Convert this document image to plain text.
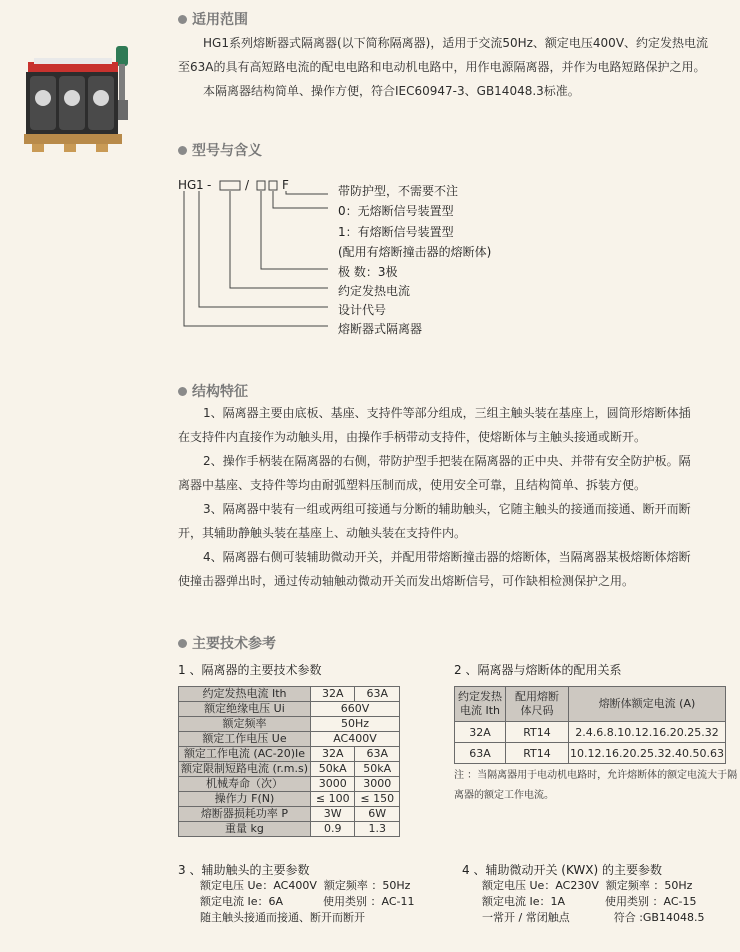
适用范围
HG1系列熔断器式隔离器(以下简称隔离器)，适用于交流50Hz、额定电压400V、约定发热电流
至63A的具有高短路电流的配电电路和电动机电路中，用作电源隔离器，并作为电路短路保护之用。
本隔离器结构简单、操作方便，符合IEC60947-3、GB14048.3标准。
型号与含义
HG 1 -	/	F	带防护型，不需要不注
0：无熔断信号装置型
1：有熔断信号装置型
(配用有熔断撞击器的熔断体)
极 数：3极
约定发热电流
设计代号
熔断器式隔离器
结构特征
1、隔离器主要由底板、基座、支持件等部分组成，三组主触头装在基座上，圆筒形熔断体插
在支持件内直接作为动触头用，由操作手柄带动支持件，使熔断体与主触头接通或断开。
2、操作手柄装在隔离器的右侧，带防护型手把装在隔离器的正中央、并带有安全防护板。隔
离器中基座、支持件等均由耐弧塑料压制而成，使用安全可靠，且结构简单、拆装方便。
3、隔离器中装有一组或两组可接通与分断的辅助触头，它随主触头的接通而接通、断开而断
开，其辅助静触头装在基座上、动触头装在支持件内。
4、隔离器右侧可装辅助微动开关，并配用带熔断撞击器的熔断体，当隔离器某极熔断体熔断
使撞击器弹出时，通过传动轴触动微动开关而发出熔断信号，可作缺相检测保护之用。
主要技术参考
1 、隔离器的主要技术参数
约定发热电流 Ith	32A	63A
额定绝缘电压 Ui	660V	
额定频率	50Hz	
额定工作电压 Ue	AC400V	
额定工作电流 (AC-20)Ie	32A	63A
额定限制短路电流 (r.m.s)	50kA	50kA
机械寿命（次）	3000	3000
操作力 F(N)	≤ 100	≤ 150
熔断器损耗功率 P	3W	6W
重量 kg	0.9	1.3
2 、隔离器与熔断体的配用关系
约定发热电流 Ith	配用熔断体尺码	熔断体额定电流 (A)
32A	RT14	2.4.6.8.10.12.16.20.25.32
63A	RT14	10.12.16.20.25.32.40.50.63
注 ：当隔离器用于电动机电路时，允许熔断体的额定电流大于隔
离器的额定工作电流。
3 、辅助触头的主要参数
额定电压 Ue：AC400V 额定频率 ：50Hz
额定电流 Ie：6A	使用类别 ：AC-11
随主触头接通而接通、断开而断开
4 、辅助微动开关 (KWX) 的主要参数
额定电压 Ue：AC230V 额定频率 ：50Hz
额定电流 Ie：1A	使用类别 ：AC-15
一常开 / 常闭触点	符合 :GB14048.5
